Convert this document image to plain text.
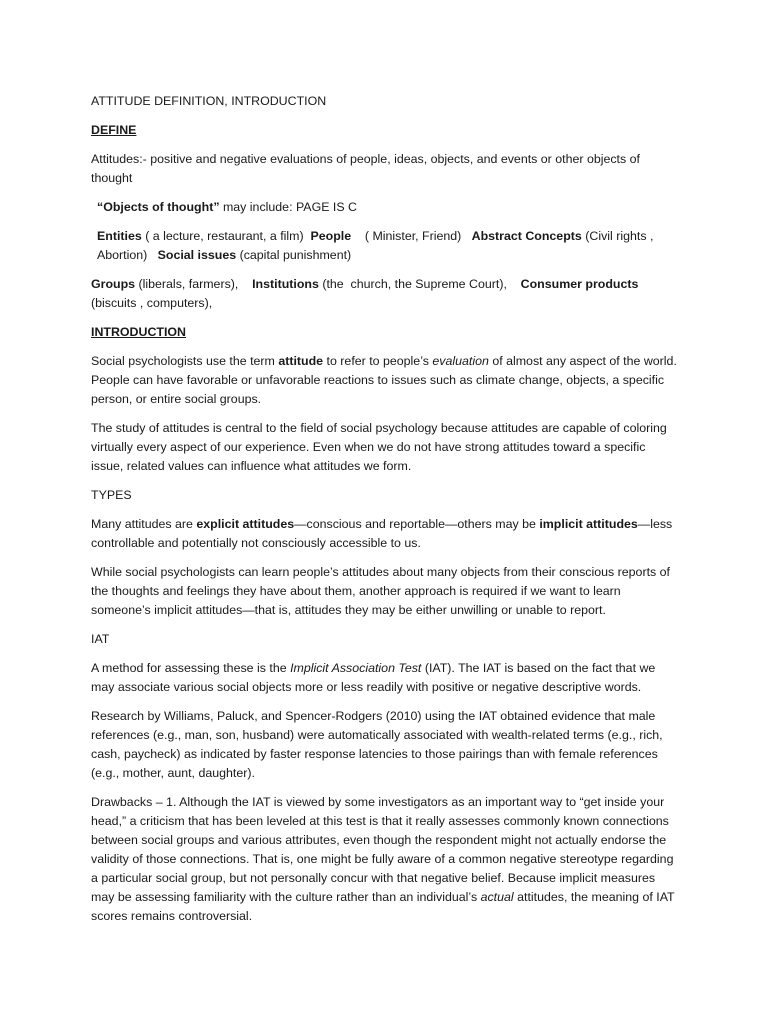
ATTITUDE DEFINITION, INTRODUCTION

DEFINE

Attitudes:- positive and negative evaluations of people, ideas, objects, and events or other objects of thought

“Objects of thought” may include: PAGE IS C

Entities ( a lecture, restaurant, a film)  People    ( Minister, Friend)   Abstract Concepts (Civil rights , Abortion)   Social issues (capital punishment)

Groups (liberals, farmers),    Institutions (the  church, the Supreme Court),    Consumer products (biscuits , computers),

INTRODUCTION

Social psychologists use the term attitude to refer to people’s evaluation of almost any aspect of the world. People can have favorable or unfavorable reactions to issues such as climate change, objects, a specific person, or entire social groups.

The study of attitudes is central to the field of social psychology because attitudes are capable of coloring virtually every aspect of our experience. Even when we do not have strong attitudes toward a specific issue, related values can influence what attitudes we form.

TYPES

Many attitudes are explicit attitudes—conscious and reportable—others may be implicit attitudes—less controllable and potentially not consciously accessible to us.

While social psychologists can learn people’s attitudes about many objects from their conscious reports of the thoughts and feelings they have about them, another approach is required if we want to learn someone’s implicit attitudes—that is, attitudes they may be either unwilling or unable to report.

IAT

A method for assessing these is the Implicit Association Test (IAT). The IAT is based on the fact that we may associate various social objects more or less readily with positive or negative descriptive words.

Research by Williams, Paluck, and Spencer-Rodgers (2010) using the IAT obtained evidence that male references (e.g., man, son, husband) were automatically associated with wealth-related terms (e.g., rich, cash, paycheck) as indicated by faster response latencies to those pairings than with female references (e.g., mother, aunt, daughter).

Drawbacks – 1. Although the IAT is viewed by some investigators as an important way to “get inside your head,” a criticism that has been leveled at this test is that it really assesses commonly known connections between social groups and various attributes, even though the respondent might not actually endorse the validity of those connections. That is, one might be fully aware of a common negative stereotype regarding a particular social group, but not personally concur with that negative belief. Because implicit measures may be assessing familiarity with the culture rather than an individual’s actual attitudes, the meaning of IAT scores remains controversial.
